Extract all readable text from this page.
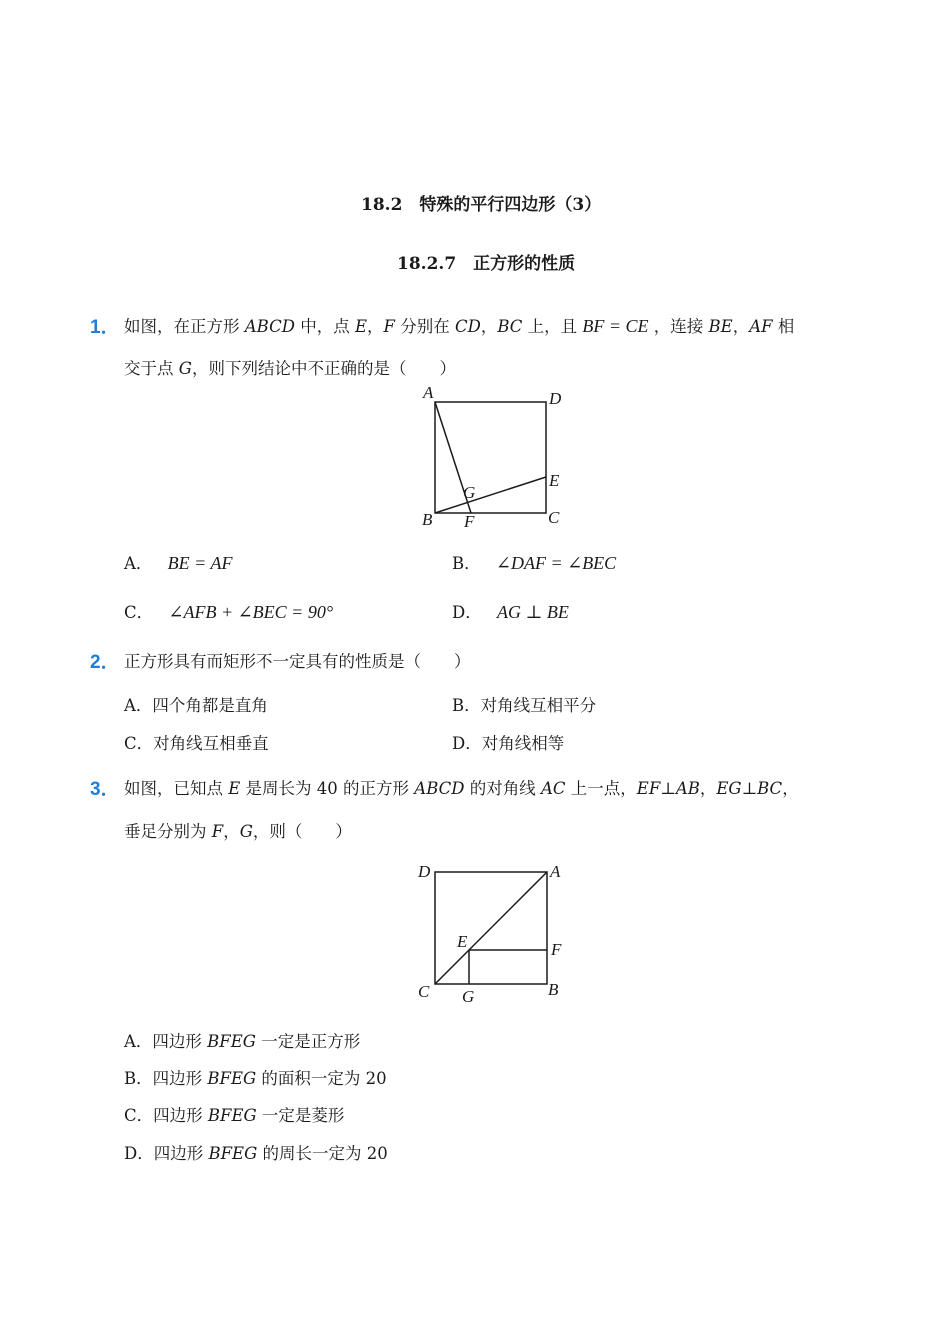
18.2　特殊的平行四边形（3）
18.2.7　正方形的性质
1． 如图，在正方形 ABCD 中，点 E，F 分别在 CD，BC 上，且 BF = CE ，连接 BE，AF 相
交于点 G，则下列结论中不正确的是（　　）
A	D
E
G
B F	C
A． BE = AF	B． ∠DAF = ∠BEC
C． ∠AFB + ∠BEC = 90°	D． AG ⊥ BE
2． 正方形具有而矩形不一定具有的性质是（　　）
A．四个角都是直角	B．对角线互相平分
C．对角线互相垂直	D．对角线相等
3． 如图，已知点 E 是周长为 40 的正方形 ABCD 的对角线 AC 上一点，EF⊥AB，EG⊥BC，
垂足分别为 F，G，则（　　）
D	A
E	F
C G	B
A．四边形 BFEG 一定是正方形
B．四边形 BFEG 的面积一定为 20
C．四边形 BFEG 一定是菱形
D．四边形 BFEG 的周长一定为 20
